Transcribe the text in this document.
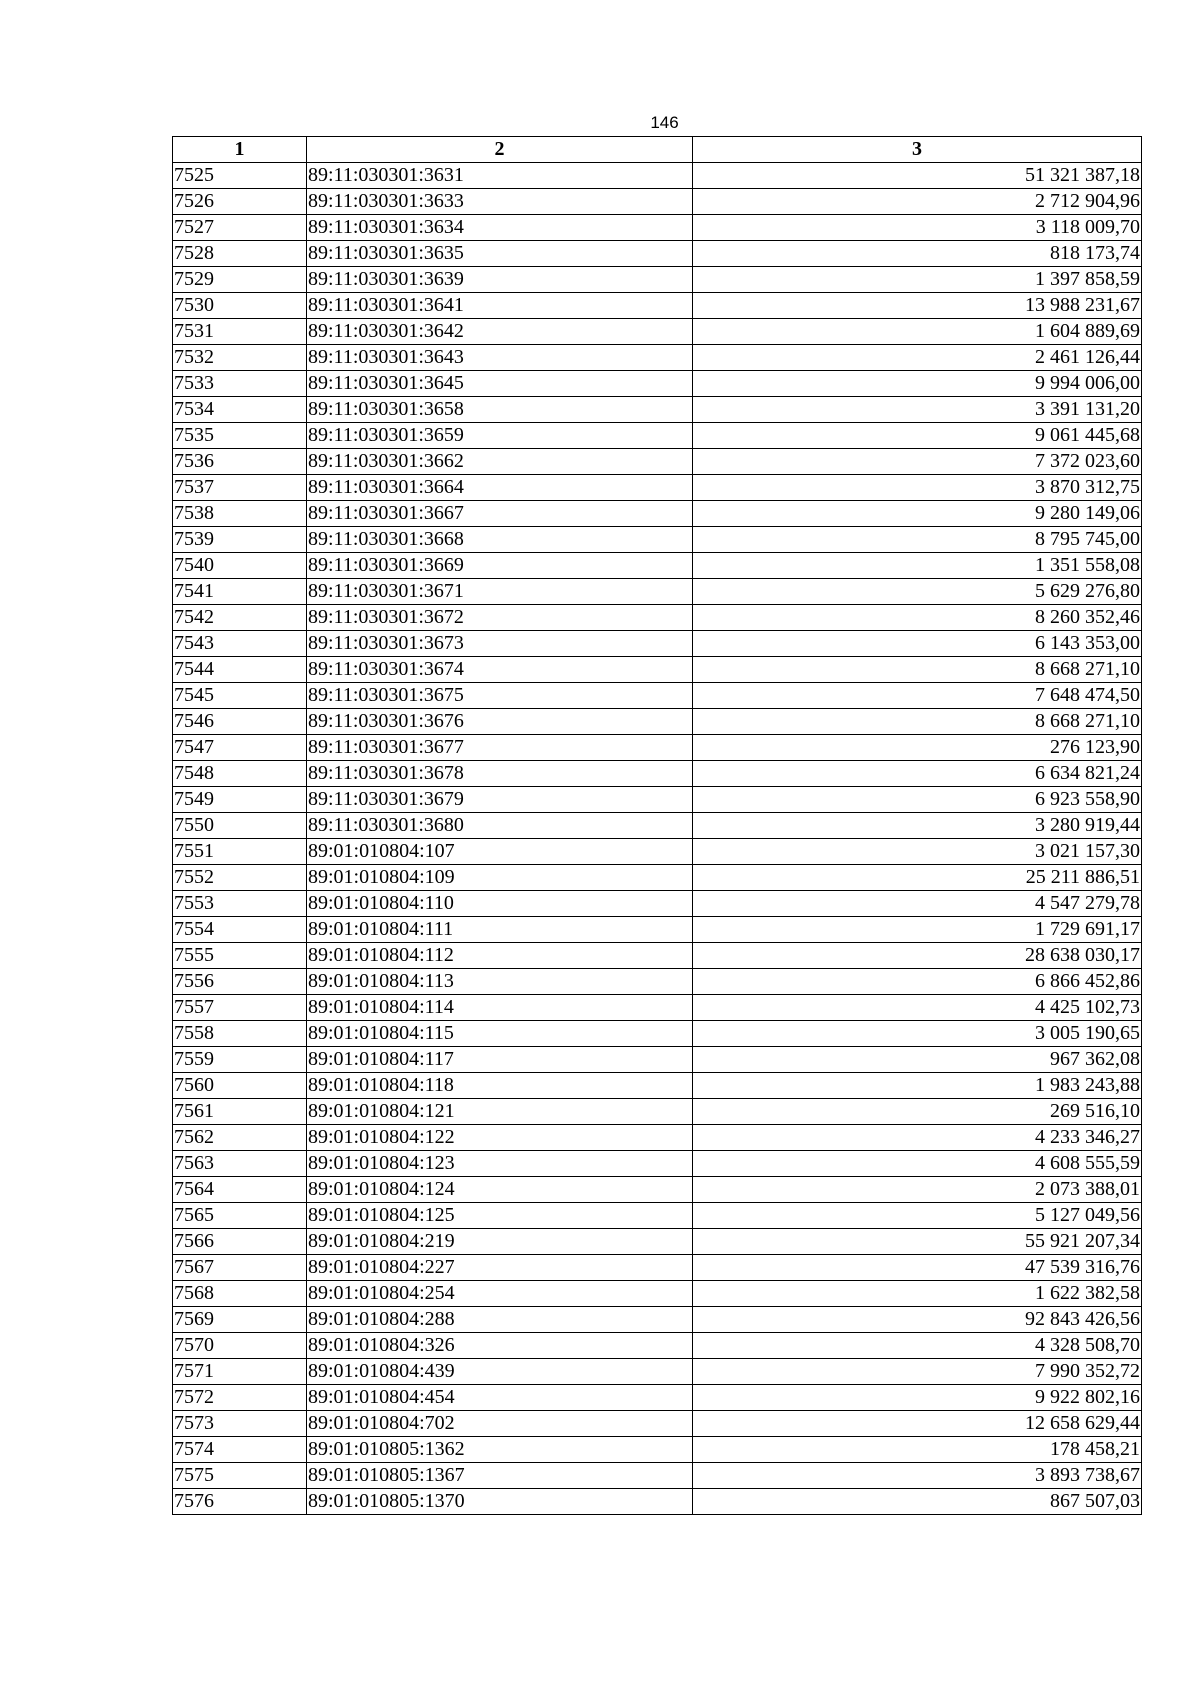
146
1	2	3
7525	89:11:030301:3631	51 321 387,18
7526	89:11:030301:3633	2 712 904,96
7527	89:11:030301:3634	3 118 009,70
7528	89:11:030301:3635	818 173,74
7529	89:11:030301:3639	1 397 858,59
7530	89:11:030301:3641	13 988 231,67
7531	89:11:030301:3642	1 604 889,69
7532	89:11:030301:3643	2 461 126,44
7533	89:11:030301:3645	9 994 006,00
7534	89:11:030301:3658	3 391 131,20
7535	89:11:030301:3659	9 061 445,68
7536	89:11:030301:3662	7 372 023,60
7537	89:11:030301:3664	3 870 312,75
7538	89:11:030301:3667	9 280 149,06
7539	89:11:030301:3668	8 795 745,00
7540	89:11:030301:3669	1 351 558,08
7541	89:11:030301:3671	5 629 276,80
7542	89:11:030301:3672	8 260 352,46
7543	89:11:030301:3673	6 143 353,00
7544	89:11:030301:3674	8 668 271,10
7545	89:11:030301:3675	7 648 474,50
7546	89:11:030301:3676	8 668 271,10
7547	89:11:030301:3677	276 123,90
7548	89:11:030301:3678	6 634 821,24
7549	89:11:030301:3679	6 923 558,90
7550	89:11:030301:3680	3 280 919,44
7551	89:01:010804:107	3 021 157,30
7552	89:01:010804:109	25 211 886,51
7553	89:01:010804:110	4 547 279,78
7554	89:01:010804:111	1 729 691,17
7555	89:01:010804:112	28 638 030,17
7556	89:01:010804:113	6 866 452,86
7557	89:01:010804:114	4 425 102,73
7558	89:01:010804:115	3 005 190,65
7559	89:01:010804:117	967 362,08
7560	89:01:010804:118	1 983 243,88
7561	89:01:010804:121	269 516,10
7562	89:01:010804:122	4 233 346,27
7563	89:01:010804:123	4 608 555,59
7564	89:01:010804:124	2 073 388,01
7565	89:01:010804:125	5 127 049,56
7566	89:01:010804:219	55 921 207,34
7567	89:01:010804:227	47 539 316,76
7568	89:01:010804:254	1 622 382,58
7569	89:01:010804:288	92 843 426,56
7570	89:01:010804:326	4 328 508,70
7571	89:01:010804:439	7 990 352,72
7572	89:01:010804:454	9 922 802,16
7573	89:01:010804:702	12 658 629,44
7574	89:01:010805:1362	178 458,21
7575	89:01:010805:1367	3 893 738,67
7576	89:01:010805:1370	867 507,03
